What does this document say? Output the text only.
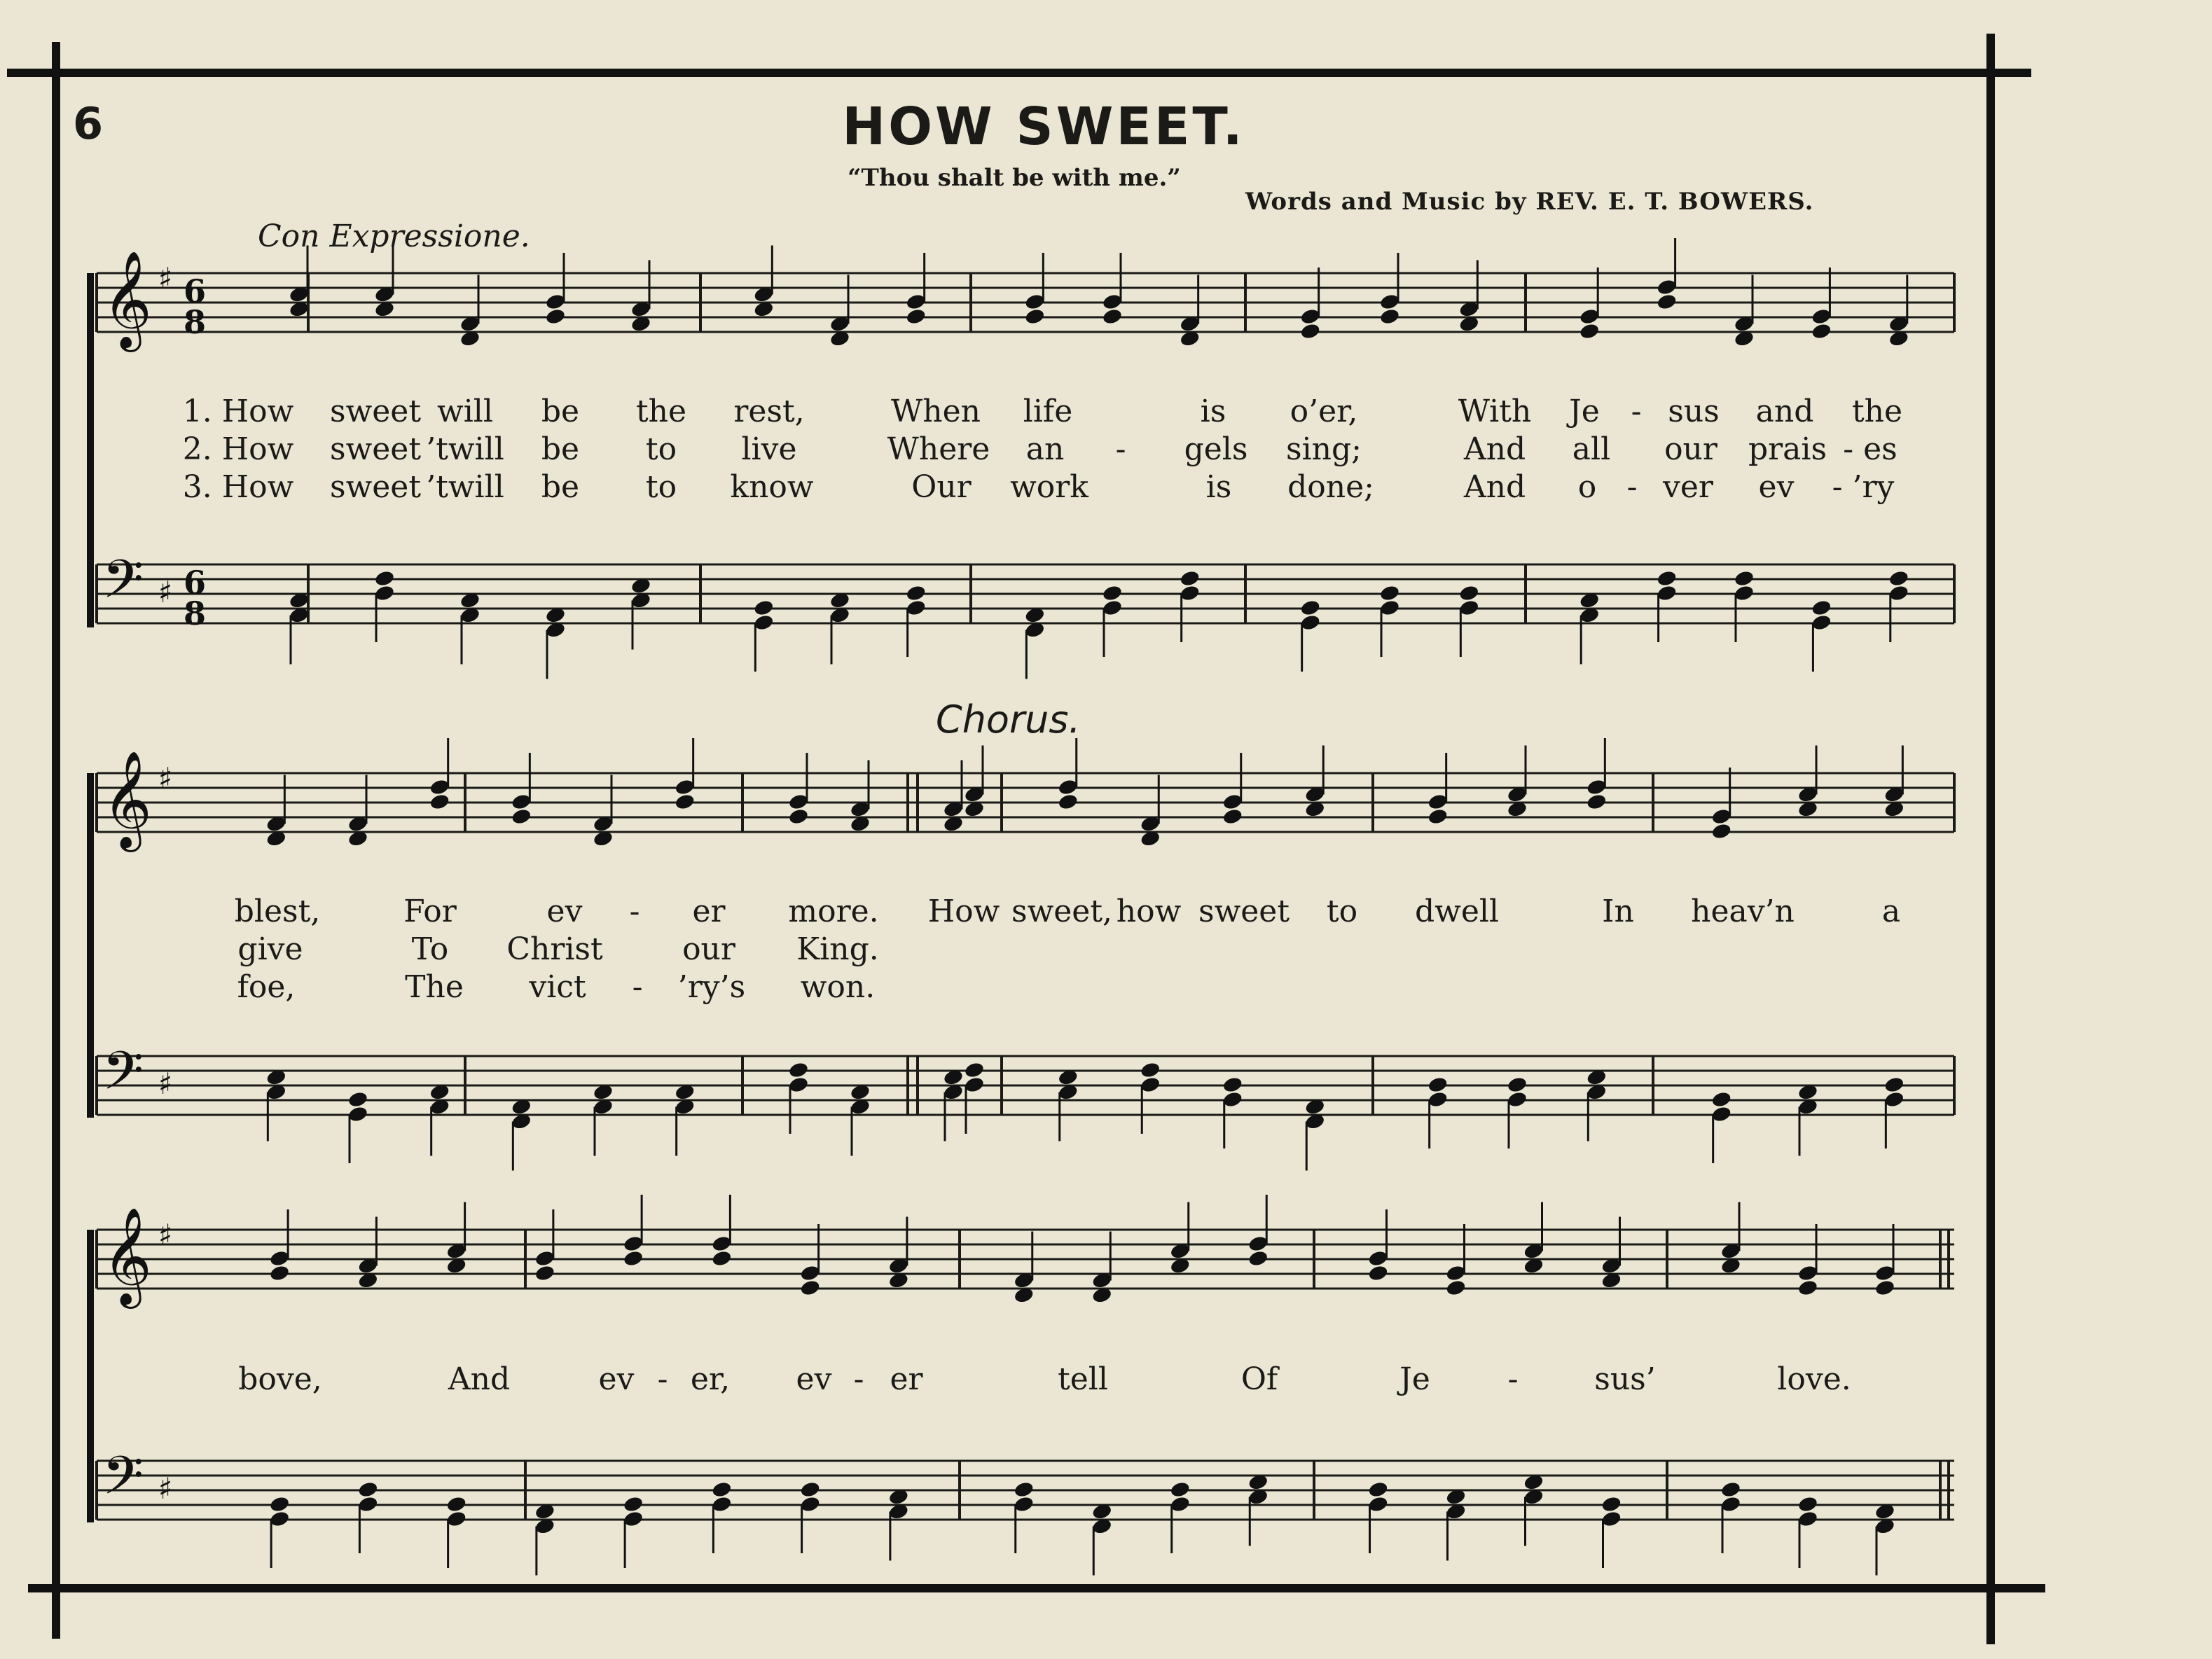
6	HOW SWEET.
“Thou shalt be with me.”
Words and Music by REV. E. T. BOWERS.
Con Expressione.
Chorus.
𝄞 ♯ 6
8
𝄢 ♯ 6
8
𝄞 ♯
𝄢 ♯
𝄞 ♯
𝄢 ♯
1. How sweet will be the rest,	When life	is o’er,	With Je - sus and the
2. How sweet ’twill be to live	Where an - gels sing;	And all our prais - es
3. How sweet ’twill be to know	Our work	is done;	And o - ver ev - ’ry
blest,	For	ev - er more. How sweet, how sweet to dwell	In heav’n	a
give	To Christ	our King.
foe,	The vict - ’ry’s won.
bove,	And	ev - er, ev - er	tell	Of	Je	- sus’	love.
